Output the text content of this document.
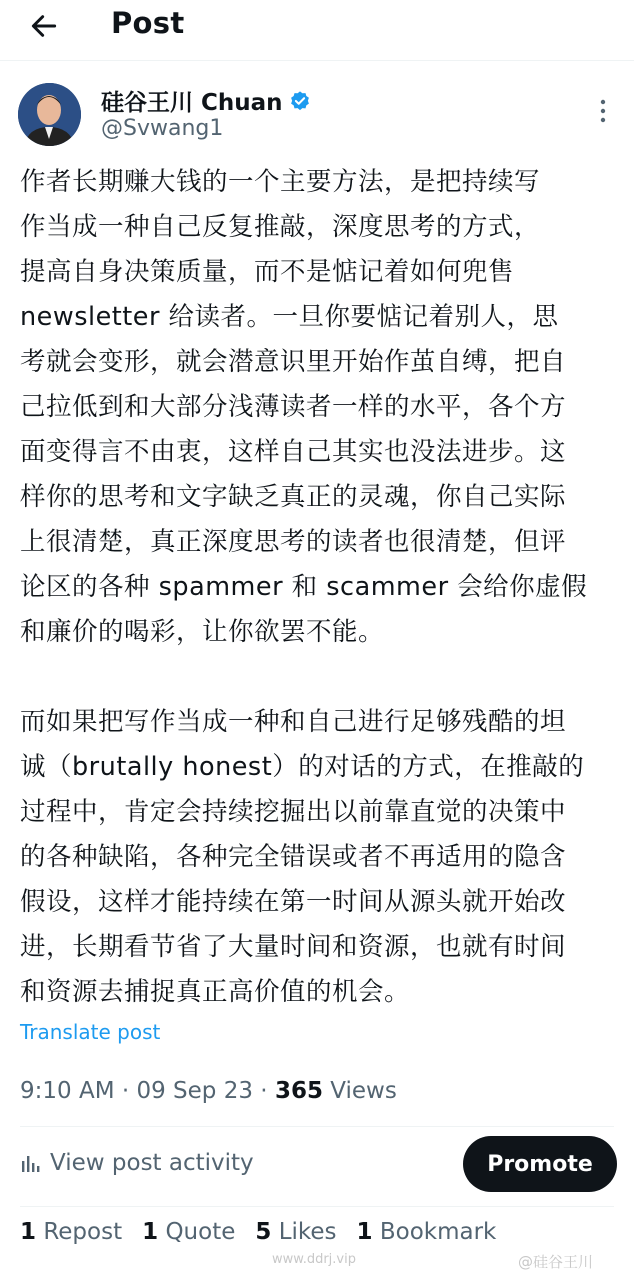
Post
硅谷王川 Chuan
@Svwang1

作者长期赚大钱的一个主要方法，是把持续写
作当成一种自己反复推敲，深度思考的方式，
提高自身决策质量，而不是惦记着如何兜售
newsletter 给读者。一旦你要惦记着别人，思
考就会变形，就会潜意识里开始作茧自缚，把自
己拉低到和大部分浅薄读者一样的水平，各个方
面变得言不由衷，这样自己其实也没法进步。这
样你的思考和文字缺乏真正的灵魂，你自己实际
上很清楚，真正深度思考的读者也很清楚，但评
论区的各种 spammer 和 scammer 会给你虚假
和廉价的喝彩，让你欲罢不能。

而如果把写作当成一种和自己进行足够残酷的坦
诚（brutally honest）的对话的方式，在推敲的
过程中，肯定会持续挖掘出以前靠直觉的决策中
的各种缺陷，各种完全错误或者不再适用的隐含
假设，这样才能持续在第一时间从源头就开始改
进，长期看节省了大量时间和资源，也就有时间
和资源去捕捉真正高价值的机会。

Translate post
9:10 AM · 09 Sep 23 · 365 Views
View post activity	Promote
1 Repost 1 Quote 5 Likes 1 Bookmark
www.ddrj.vip	@硅谷王川
